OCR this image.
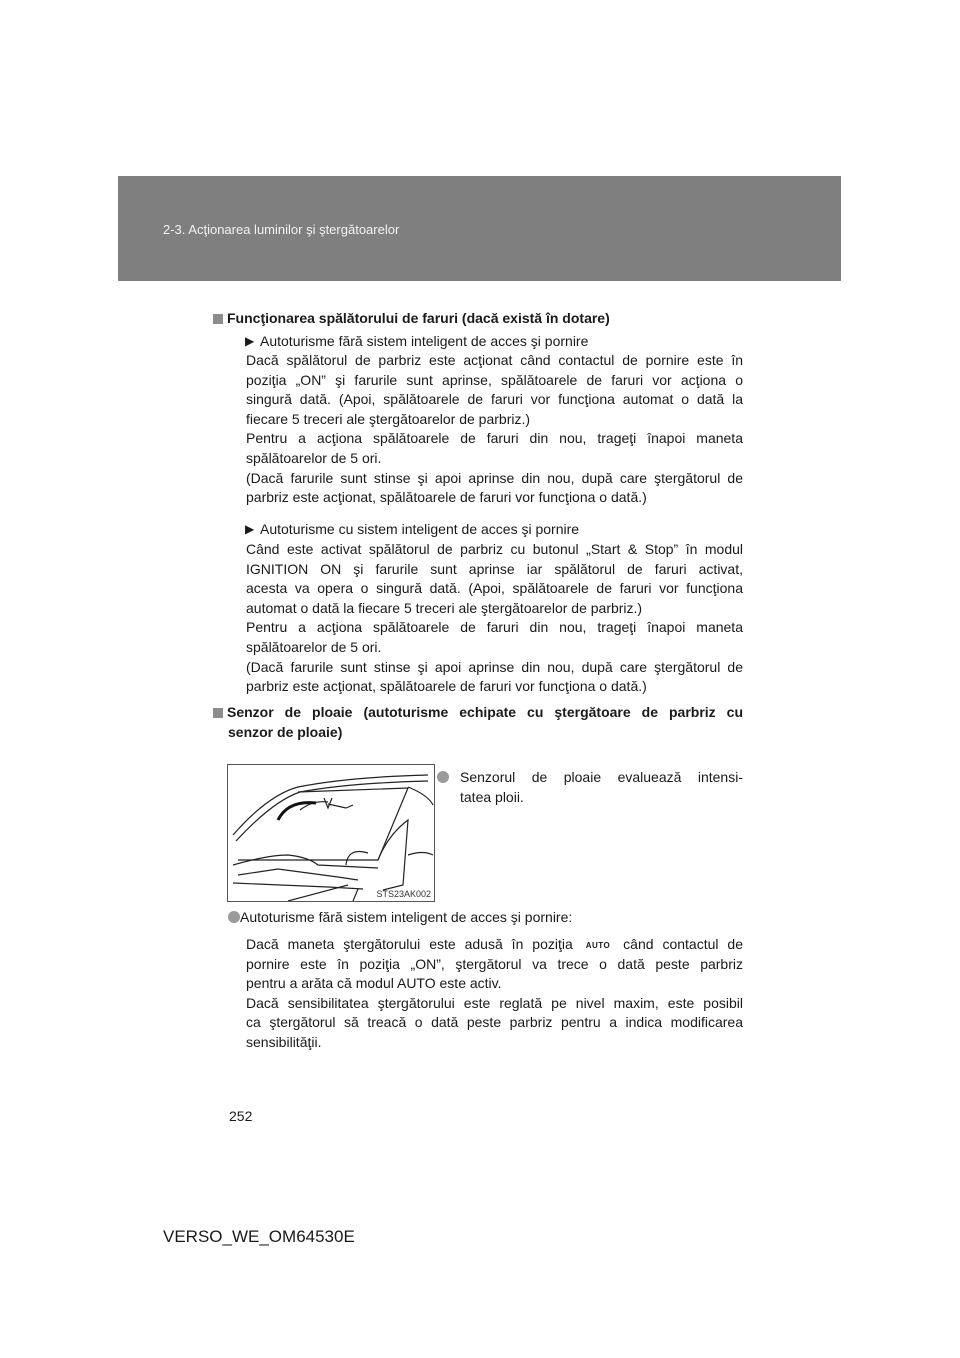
2-3. Acţionarea luminilor şi ştergătoarelor
Funcţionarea spălătorului de faruri (dacă există în dotare)
▶ Autoturisme fără sistem inteligent de acces şi pornire
Dacă spălătorul de parbriz este acţionat când contactul de pornire este în
poziţia „ON” şi farurile sunt aprinse, spălătoarele de faruri vor acţiona o
singură dată. (Apoi, spălătoarele de faruri vor funcţiona automat o dată la
fiecare 5 treceri ale ştergătoarelor de parbriz.)
Pentru a acţiona spălătoarele de faruri din nou, trageţi înapoi maneta
spălătoarelor de 5 ori.
(Dacă farurile sunt stinse şi apoi aprinse din nou, după care ştergătorul de
parbriz este acţionat, spălătoarele de faruri vor funcţiona o dată.)
▶ Autoturisme cu sistem inteligent de acces şi pornire
Când este activat spălătorul de parbriz cu butonul „Start & Stop” în modul
IGNITION ON şi farurile sunt aprinse iar spălătorul de faruri activat,
acesta va opera o singură dată. (Apoi, spălătoarele de faruri vor funcţiona
automat o dată la fiecare 5 treceri ale ştergătoarelor de parbriz.)
Pentru a acţiona spălătoarele de faruri din nou, trageţi înapoi maneta
spălătoarelor de 5 ori.
(Dacă farurile sunt stinse şi apoi aprinse din nou, după care ştergătorul de
parbriz este acţionat, spălătoarele de faruri vor funcţiona o dată.)
Senzor de ploaie (autoturisme echipate cu ştergătoare de parbriz cu
senzor de ploaie)
STS23AK002
Senzorul de ploaie evaluează intensi-
tatea ploii.
Autoturisme fără sistem inteligent de acces şi pornire:
Dacă maneta ştergătorului este adusă în poziţia AUTO când contactul de
pornire este în poziţia „ON”, ştergătorul va trece o dată peste parbriz
pentru a arăta că modul AUTO este activ.
Dacă sensibilitatea ştergătorului este reglată pe nivel maxim, este posibil
ca ştergătorul să treacă o dată peste parbriz pentru a indica modificarea
sensibilităţii.
252
VERSO_WE_OM64530E
